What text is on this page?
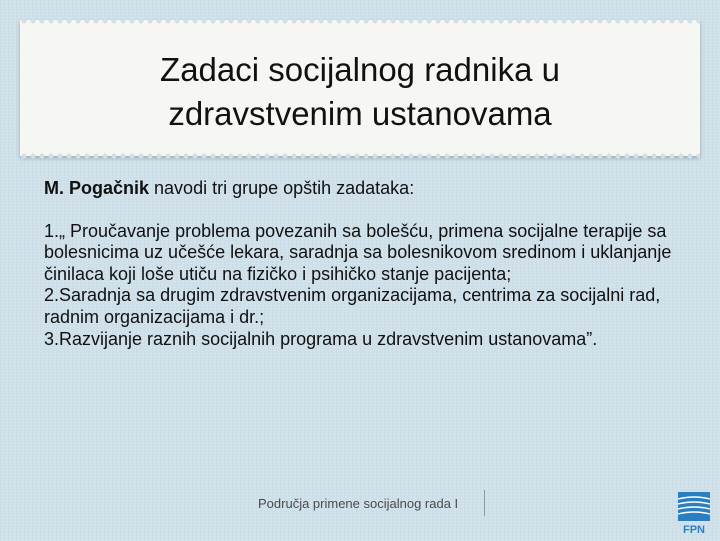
Zadaci socijalnog radnika u
zdravstvenim ustanovama

M. Pogačnik navodi tri grupe opštih zadataka:

1.„ Proučavanje problema povezanih sa bolešću, primena socijalne terapije sa bolesnicima uz učešće lekara, saradnja sa bolesnikovom sredinom i uklanjanje činilaca koji loše utiču na fizičko i psihičko stanje pacijenta;

2.Saradnja sa drugim zdravstvenim organizacijama, centrima za socijalni rad, radnim organizacijama i dr.;

3.Razvijanje raznih socijalnih programa u zdravstvenim ustanovama”.

Područja primene socijalnog rada I
FPN
